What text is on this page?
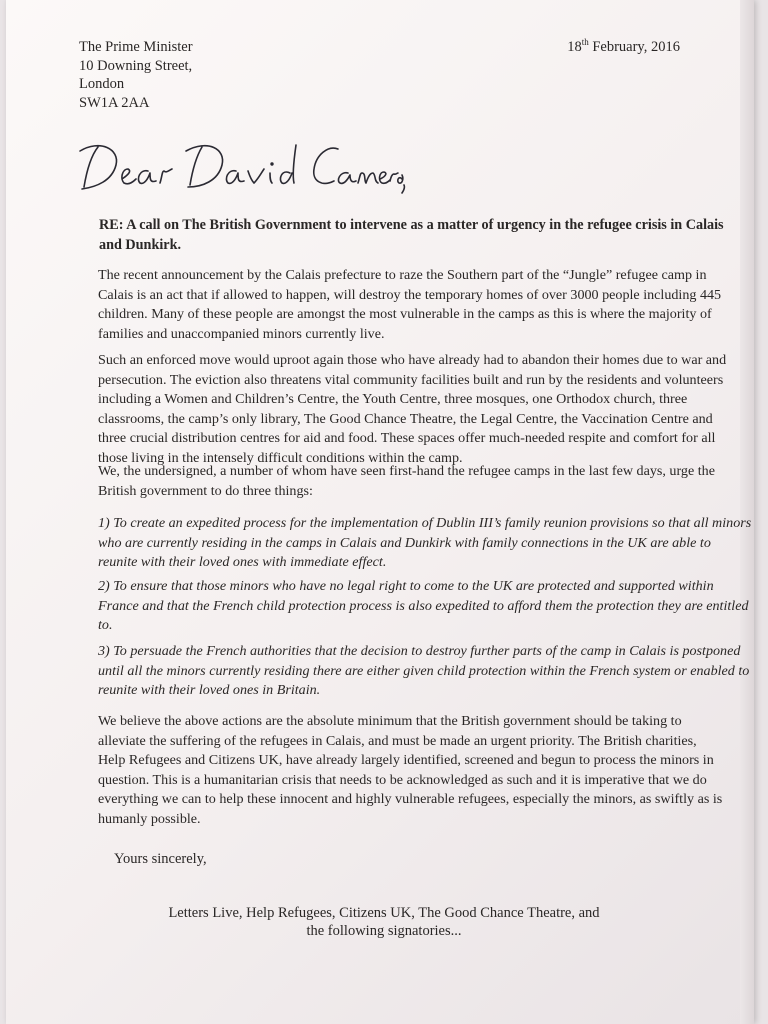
The Prime Minister
10 Downing Street,
London
SW1A 2AA
18th February, 2016
RE: A call on The British Government to intervene as a matter of urgency in the refugee crisis in Calais
and Dunkirk.
The recent announcement by the Calais prefecture to raze the Southern part of the “Jungle” refugee camp in
Calais is an act that if allowed to happen, will destroy the temporary homes of over 3000 people including 445
children. Many of these people are amongst the most vulnerable in the camps as this is where the majority of
families and unaccompanied minors currently live.
Such an enforced move would uproot again those who have already had to abandon their homes due to war and
persecution. The eviction also threatens vital community facilities built and run by the residents and volunteers
including a Women and Children’s Centre, the Youth Centre, three mosques, one Orthodox church, three
classrooms, the camp’s only library, The Good Chance Theatre, the Legal Centre, the Vaccination Centre and
three crucial distribution centres for aid and food. These spaces offer much-needed respite and comfort for all
those living in the intensely difficult conditions within the camp.
We, the undersigned, a number of whom have seen first-hand the refugee camps in the last few days, urge the
British government to do three things:
1) To create an expedited process for the implementation of Dublin III’s family reunion provisions so that all minors
who are currently residing in the camps in Calais and Dunkirk with family connections in the UK are able to
reunite with their loved ones with immediate effect.
2) To ensure that those minors who have no legal right to come to the UK are protected and supported within
France and that the French child protection process is also expedited to afford them the protection they are entitled
to.
3) To persuade the French authorities that the decision to destroy further parts of the camp in Calais is postponed
until all the minors currently residing there are either given child protection within the French system or enabled to
reunite with their loved ones in Britain.
We believe the above actions are the absolute minimum that the British government should be taking to
alleviate the suffering of the refugees in Calais, and must be made an urgent priority. The British charities,
Help Refugees and Citizens UK, have already largely identified, screened and begun to process the minors in
question. This is a humanitarian crisis that needs to be acknowledged as such and it is imperative that we do
everything we can to help these innocent and highly vulnerable refugees, especially the minors, as swiftly as is
humanly possible.
Yours sincerely,
Letters Live, Help Refugees, Citizens UK, The Good Chance Theatre, and
the following signatories...
